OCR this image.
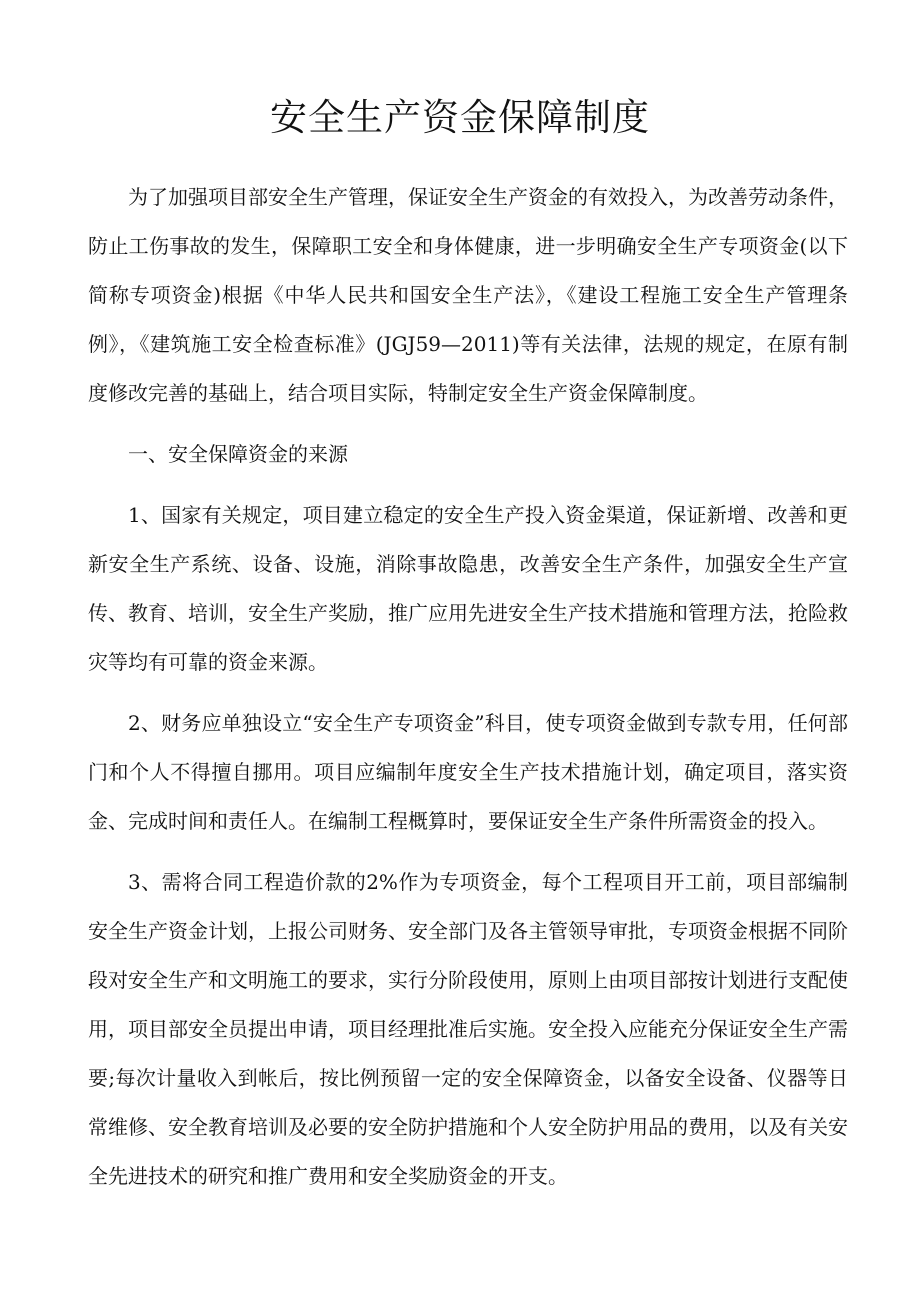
安全生产资金保障制度

为了加强项目部安全生产管理，保证安全生产资金的有效投入，为改善劳动条件，防止工伤事故的发生，保障职工安全和身体健康，进一步明确安全生产专项资金(以下简称专项资金)根据《中华人民共和国安全生产法》，《建设工程施工安全生产管理条例》，《建筑施工安全检查标准》(JGJ59—2011)等有关法律，法规的规定，在原有制度修改完善的基础上，结合项目实际，特制定安全生产资金保障制度。

一、安全保障资金的来源

1、国家有关规定，项目建立稳定的安全生产投入资金渠道，保证新增、改善和更新安全生产系统、设备、设施，消除事故隐患，改善安全生产条件，加强安全生产宣传、教育、培训，安全生产奖励，推广应用先进安全生产技术措施和管理方法，抢险救灾等均有可靠的资金来源。

2、财务应单独设立“安全生产专项资金”科目，使专项资金做到专款专用，任何部门和个人不得擅自挪用。项目应编制年度安全生产技术措施计划，确定项目，落实资金、完成时间和责任人。在编制工程概算时，要保证安全生产条件所需资金的投入。

3、需将合同工程造价款的2%作为专项资金，每个工程项目开工前，项目部编制安全生产资金计划，上报公司财务、安全部门及各主管领导审批，专项资金根据不同阶段对安全生产和文明施工的要求，实行分阶段使用，原则上由项目部按计划进行支配使用，项目部安全员提出申请，项目经理批准后实施。安全投入应能充分保证安全生产需要;每次计量收入到帐后，按比例预留一定的安全保障资金，以备安全设备、仪器等日常维修、安全教育培训及必要的安全防护措施和个人安全防护用品的费用，以及有关安全先进技术的研究和推广费用和安全奖励资金的开支。
